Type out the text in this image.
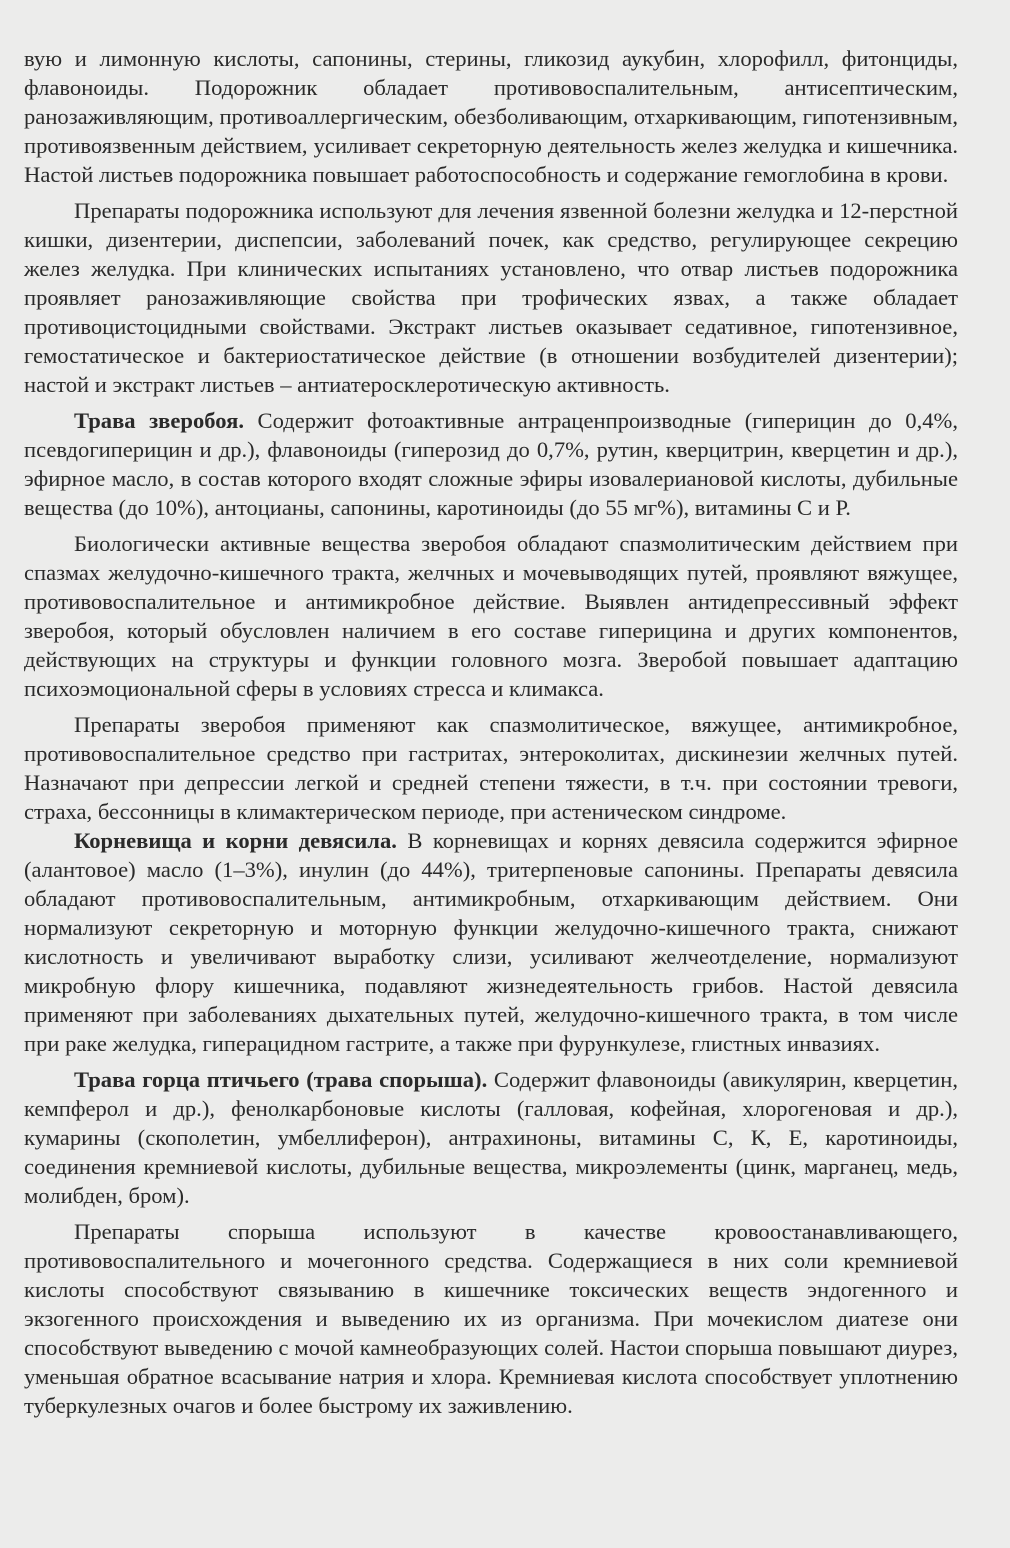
вую и лимонную кислоты, сапонины, стерины, гликозид аукубин, хлорофилл, фитонциды, флавоноиды. Подорожник обладает противовоспалительным, антисептическим, ранозаживляющим, противоаллергическим, обезболивающим, отхаркивающим, гипотензивным, противоязвенным действием, усиливает секреторную деятельность желез желудка и кишечника. Настой листьев подорожника повышает работоспособность и содержание гемоглобина в крови.

Препараты подорожника используют для лечения язвенной болезни желудка и 12-перстной кишки, дизентерии, диспепсии, заболеваний почек, как средство, регулирующее секрецию желез желудка. При клинических испытаниях установлено, что отвар листьев подорожника проявляет ранозаживляющие свойства при трофических язвах, а также обладает противоцистоцидными свойствами. Экстракт листьев оказывает седативное, гипотензивное, гемостатическое и бактериостатическое действие (в отношении возбудителей дизентерии); настой и экстракт листьев – антиатеросклеротическую активность.

Трава зверобоя. Содержит фотоактивные антраценпроизводные (гиперицин до 0,4%, псевдогиперицин и др.), флавоноиды (гиперозид до 0,7%, рутин, кверцитрин, кверцетин и др.), эфирное масло, в состав которого входят сложные эфиры изовалериановой кислоты, дубильные вещества (до 10%), антоцианы, сапонины, каротиноиды (до 55 мг%), витамины С и Р.

Биологически активные вещества зверобоя обладают спазмолитическим действием при спазмах желудочно-кишечного тракта, желчных и мочевыводящих путей, проявляют вяжущее, противовоспалительное и антимикробное действие. Выявлен антидепрессивный эффект зверобоя, который обусловлен наличием в его составе гиперицина и других компонентов, действующих на структуры и функции головного мозга. Зверобой повышает адаптацию психоэмоциональной сферы в условиях стресса и климакса.

Препараты зверобоя применяют как спазмолитическое, вяжущее, антимикробное, противовоспалительное средство при гастритах, энтероколитах, дискинезии желчных путей. Назначают при депрессии легкой и средней степени тяжести, в т.ч. при состоянии тревоги, страха, бессонницы в климактерическом периоде, при астеническом синдроме.

Корневища и корни девясила. В корневищах и корнях девясила содержится эфирное (алантовое) масло (1–3%), инулин (до 44%), тритерпеновые сапонины. Препараты девясила обладают противовоспалительным, антимикробным, отхаркивающим действием. Они нормализуют секреторную и моторную функции желудочно-кишечного тракта, снижают кислотность и увеличивают выработку слизи, усиливают желчеотделение, нормализуют микробную флору кишечника, подавляют жизнедеятельность грибов. Настой девясила применяют при заболеваниях дыхательных путей, желудочно-кишечного тракта, в том числе при раке желудка, гиперацидном гастрите, а также при фурункулезе, глистных инвазиях.

Трава горца птичьего (трава спорыша). Содержит флавоноиды (авикулярин, кверцетин, кемпферол и др.), фенолкарбоновые кислоты (галловая, кофейная, хлорогеновая и др.), кумарины (скополетин, умбеллиферон), антрахиноны, витамины С, К, Е, каротиноиды, соединения кремниевой кислоты, дубильные вещества, микроэлементы (цинк, марганец, медь, молибден, бром).

Препараты спорыша используют в качестве кровоостанавливающего, противовоспалительного и мочегонного средства. Содержащиеся в них соли кремниевой кислоты способствуют связыванию в кишечнике токсических веществ эндогенного и экзогенного происхождения и выведению их из организма. При мочекислом диатезе они способствуют выведению с мочой камнеобразующих солей. Настои спорыша повышают диурез, уменьшая обратное всасывание натрия и хлора. Кремниевая кислота способствует уплотнению туберкулезных очагов и более быстрому их заживлению.
